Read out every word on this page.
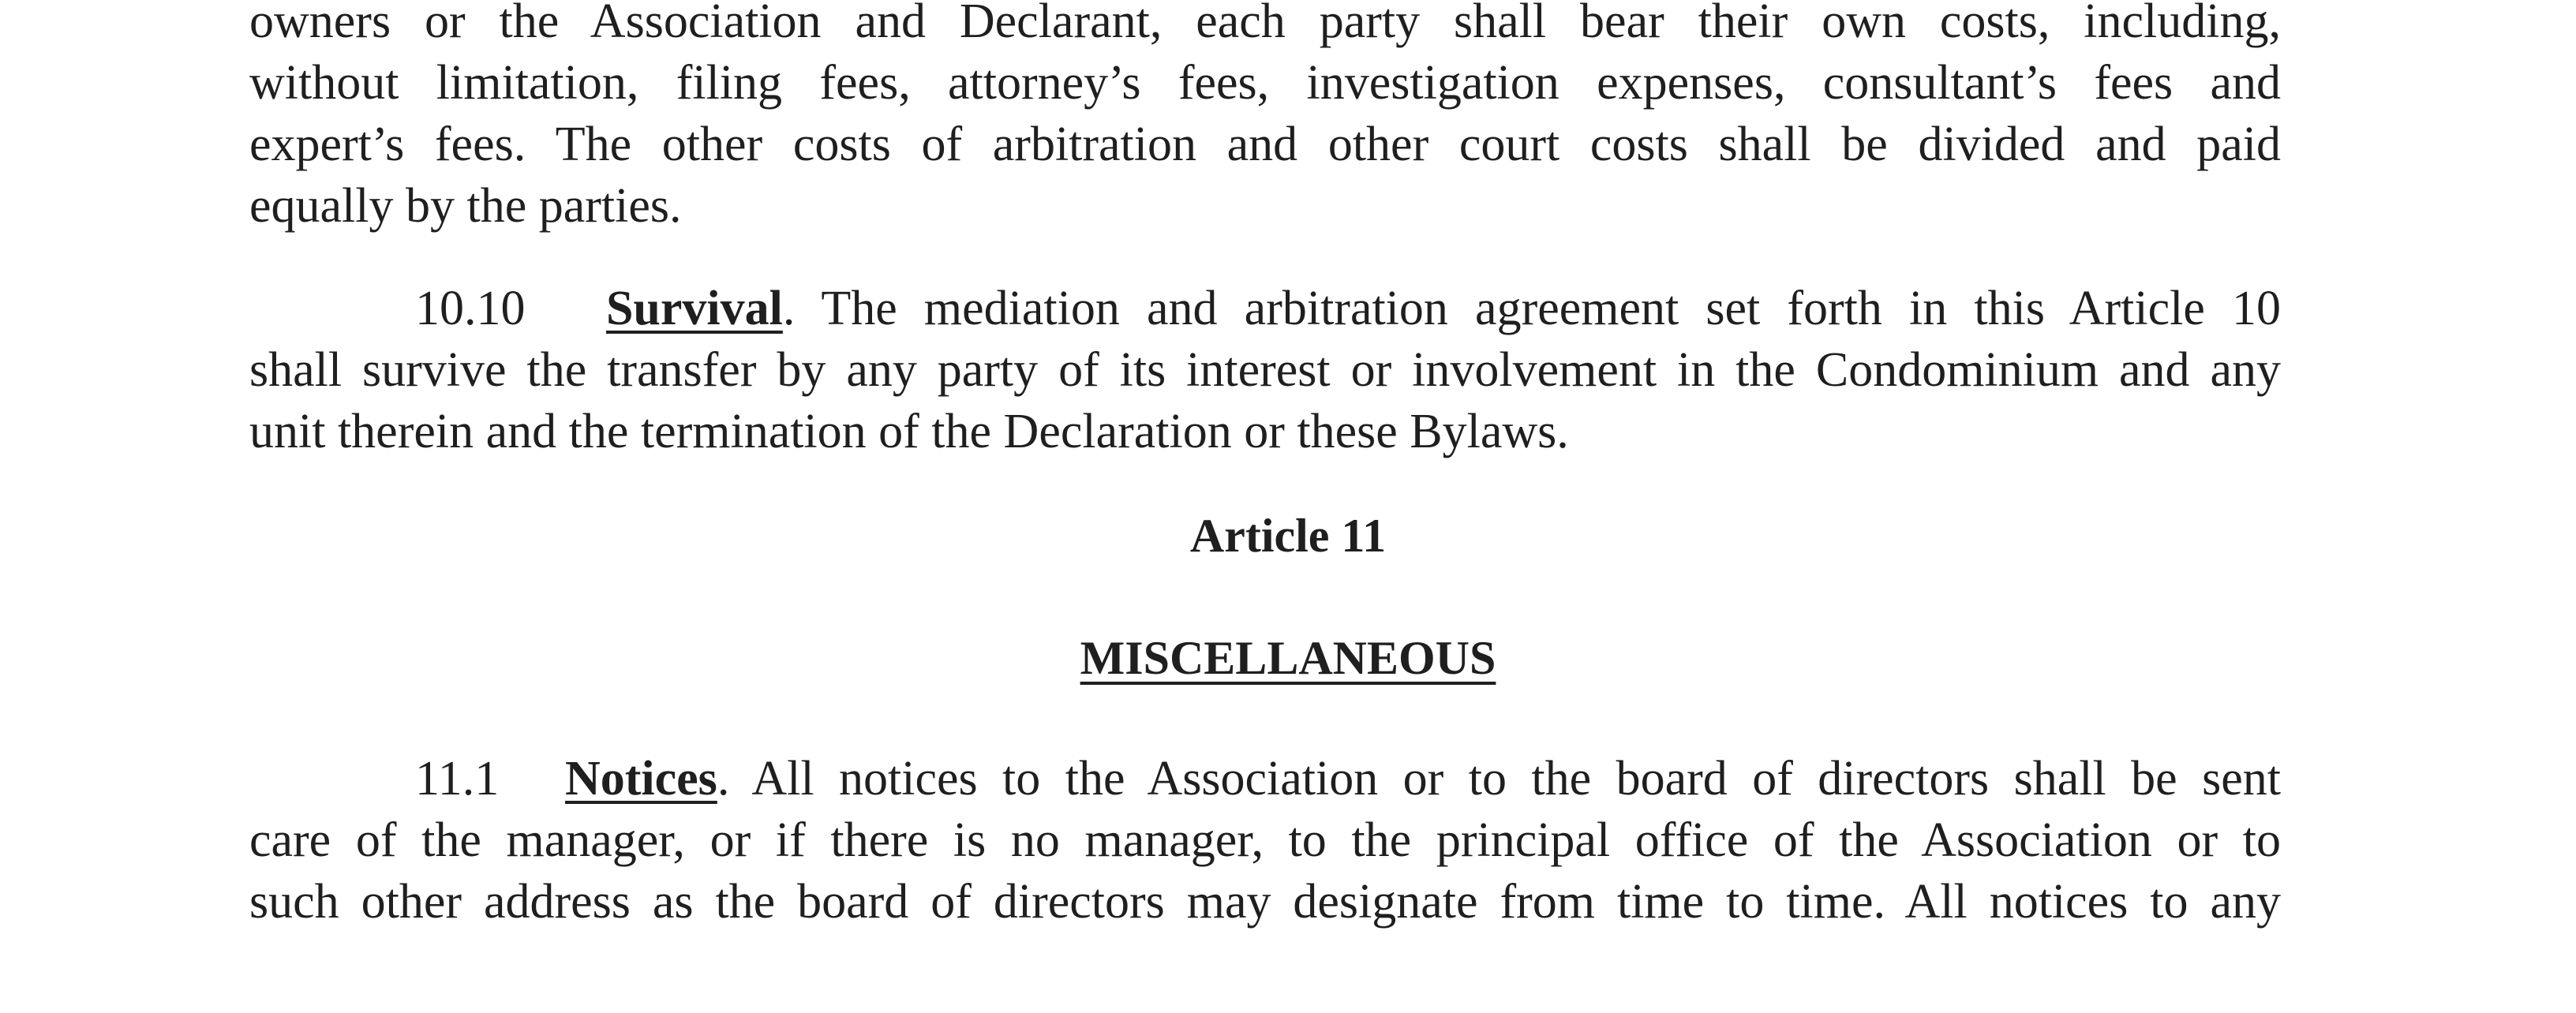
owners or the Association and Declarant, each party shall bear their own costs, including,
without limitation, filing fees, attorney’s fees, investigation expenses, consultant’s fees and
expert’s fees. The other costs of arbitration and other court costs shall be divided and paid
equally by the parties.
10.10 Survival. The mediation and arbitration agreement set forth in this Article 10
shall survive the transfer by any party of its interest or involvement in the Condominium and any
unit therein and the termination of the Declaration or these Bylaws.
Article 11
MISCELLANEOUS
11.1 Notices. All notices to the Association or to the board of directors shall be sent
care of the manager, or if there is no manager, to the principal office of the Association or to
such other address as the board of directors may designate from time to time. All notices to any
